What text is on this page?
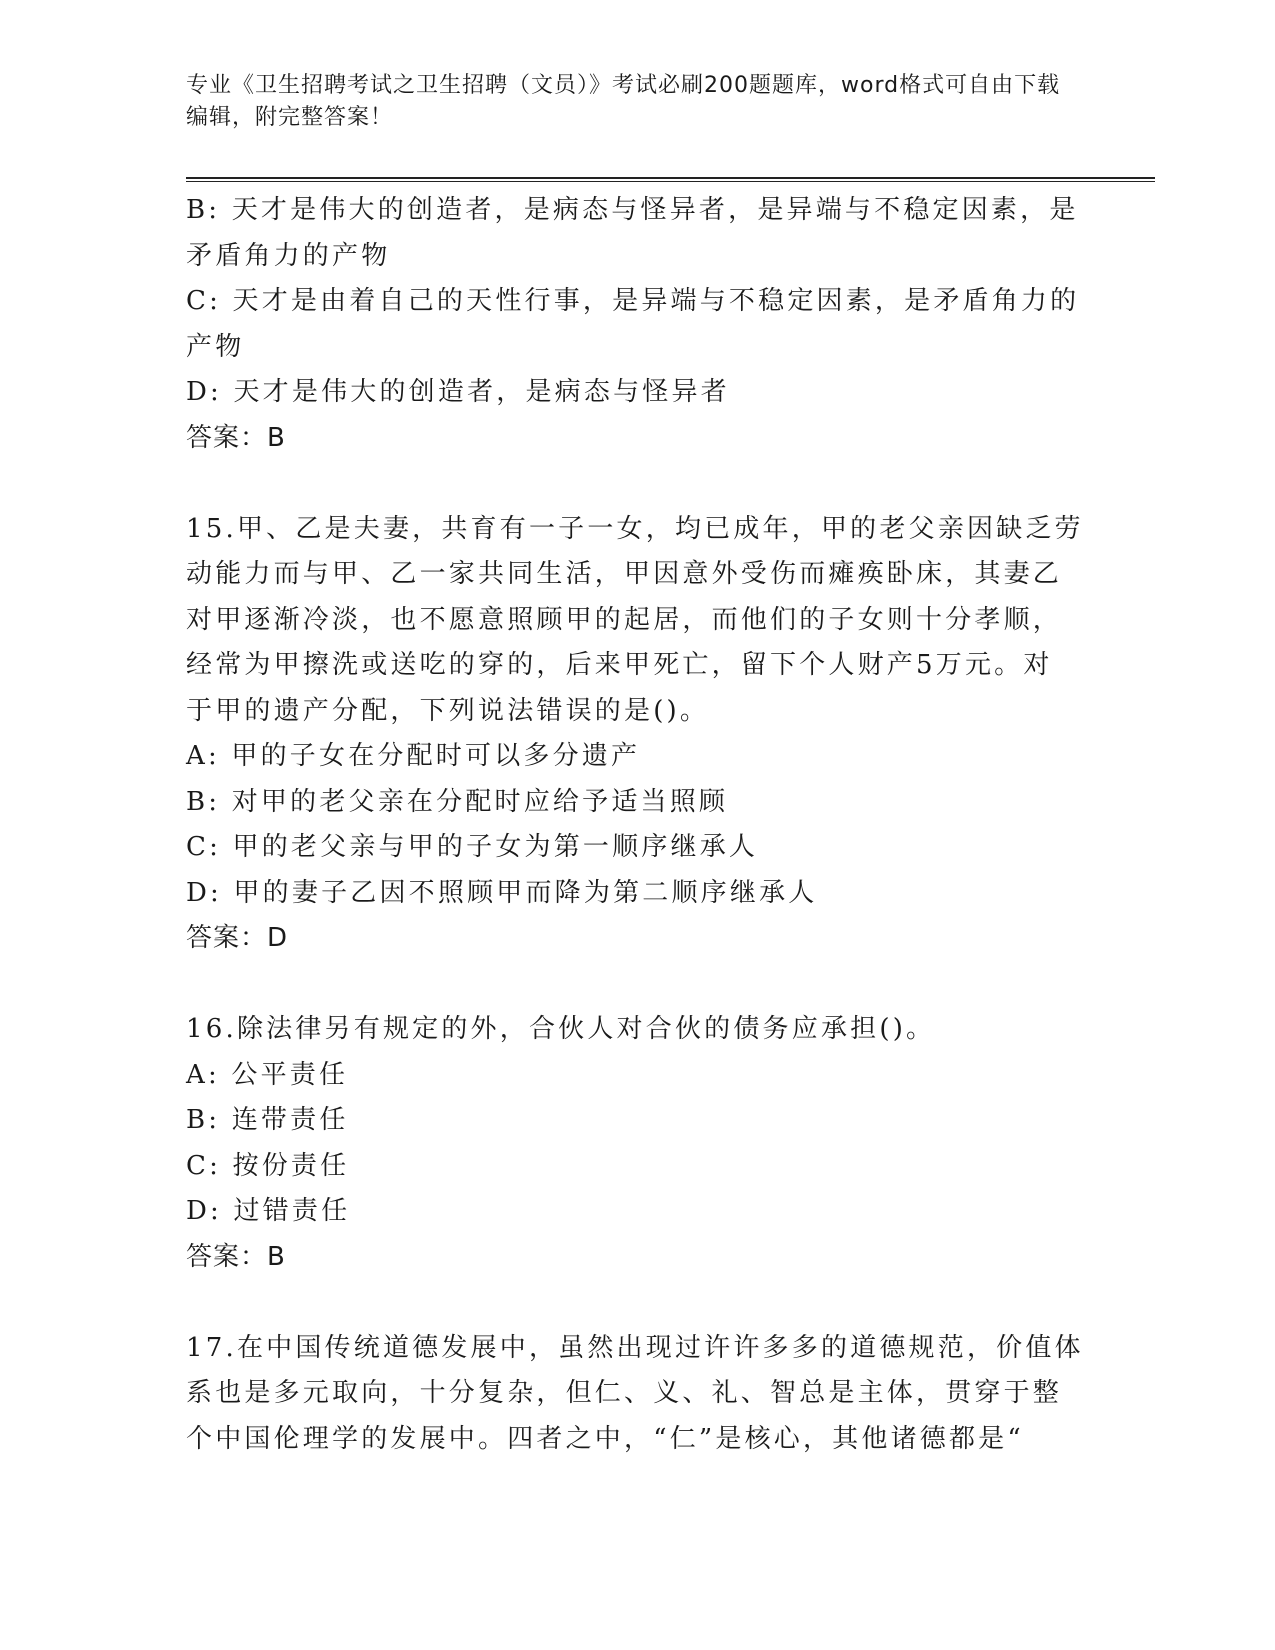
专业《卫生招聘考试之卫生招聘（文员）》考试必刷200题题库，word格式可自由下载编辑，附完整答案！

B: 天才是伟大的创造者，是病态与怪异者，是异端与不稳定因素，是

矛盾角力的产物

C: 天才是由着自己的天性行事，是异端与不稳定因素，是矛盾角力的

产物

D: 天才是伟大的创造者，是病态与怪异者

答案：B

15.甲、乙是夫妻，共育有一子一女，均已成年，甲的老父亲因缺乏劳

动能力而与甲、乙一家共同生活，甲因意外受伤而瘫痪卧床，其妻乙

对甲逐渐冷淡，也不愿意照顾甲的起居，而他们的子女则十分孝顺，

经常为甲擦洗或送吃的穿的，后来甲死亡，留下个人财产5万元。对

于甲的遗产分配，下列说法错误的是()。

A: 甲的子女在分配时可以多分遗产

B: 对甲的老父亲在分配时应给予适当照顾

C: 甲的老父亲与甲的子女为第一顺序继承人

D: 甲的妻子乙因不照顾甲而降为第二顺序继承人

答案：D

16.除法律另有规定的外，合伙人对合伙的债务应承担()。

A: 公平责任

B: 连带责任

C: 按份责任

D: 过错责任

答案：B

17.在中国传统道德发展中，虽然出现过许许多多的道德规范，价值体

系也是多元取向，十分复杂，但仁、义、礼、智总是主体，贯穿于整

个中国伦理学的发展中。四者之中，“仁”是核心，其他诸德都是“
